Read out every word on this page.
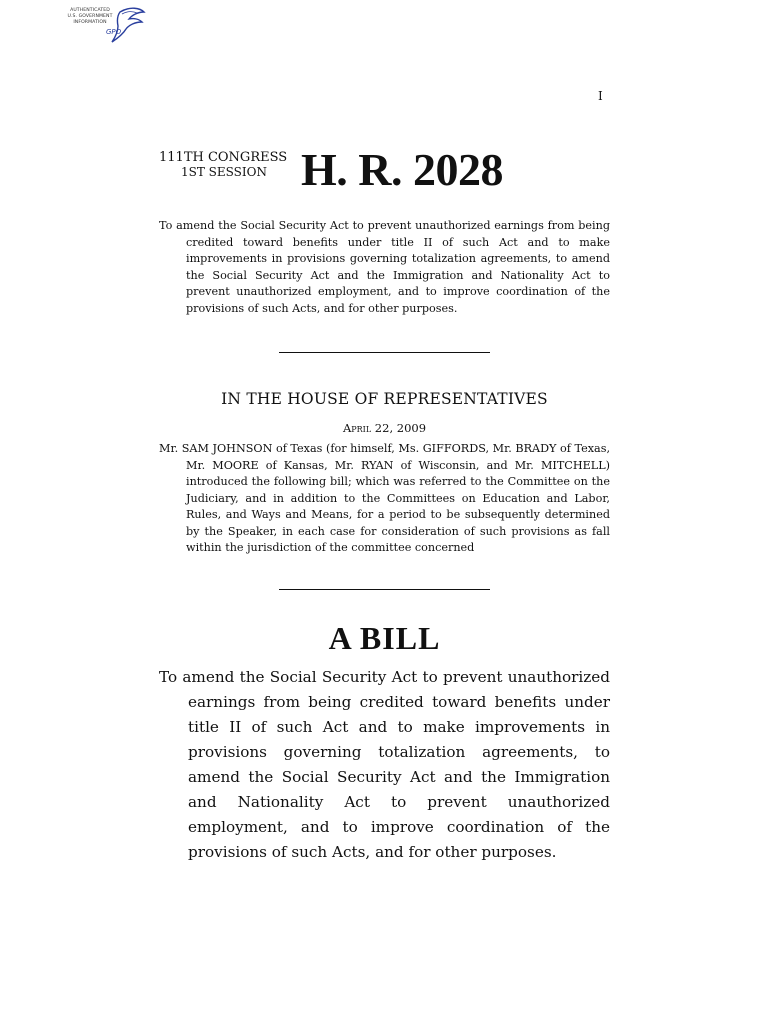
AUTHENTICATED
U.S. GOVERNMENT
INFORMATION
GPO
I
111TH CONGRESS
1ST SESSION H. R. 2028

To amend the Social Security Act to prevent unauthorized earnings from being credited toward benefits under title II of such Act and to make improvements in provisions governing totalization agreements, to amend the Social Security Act and the Immigration and Nationality Act to prevent unauthorized employment, and to improve coordination of the provisions of such Acts, and for other purposes.

IN THE HOUSE OF REPRESENTATIVES
April 22, 2009

Mr. SAM JOHNSON of Texas (for himself, Ms. GIFFORDS, Mr. BRADY of Texas, Mr. MOORE of Kansas, Mr. RYAN of Wisconsin, and Mr. MITCHELL) introduced the following bill; which was referred to the Committee on the Judiciary, and in addition to the Committees on Education and Labor, Rules, and Ways and Means, for a period to be subsequently determined by the Speaker, in each case for consideration of such provisions as fall within the jurisdiction of the committee concerned

A BILL

To amend the Social Security Act to prevent unauthorized earnings from being credited toward benefits under title II of such Act and to make improvements in provisions governing totalization agreements, to amend the Social Security Act and the Immigration and Nationality Act to prevent unauthorized employment, and to improve coordination of the provisions of such Acts, and for other purposes.
